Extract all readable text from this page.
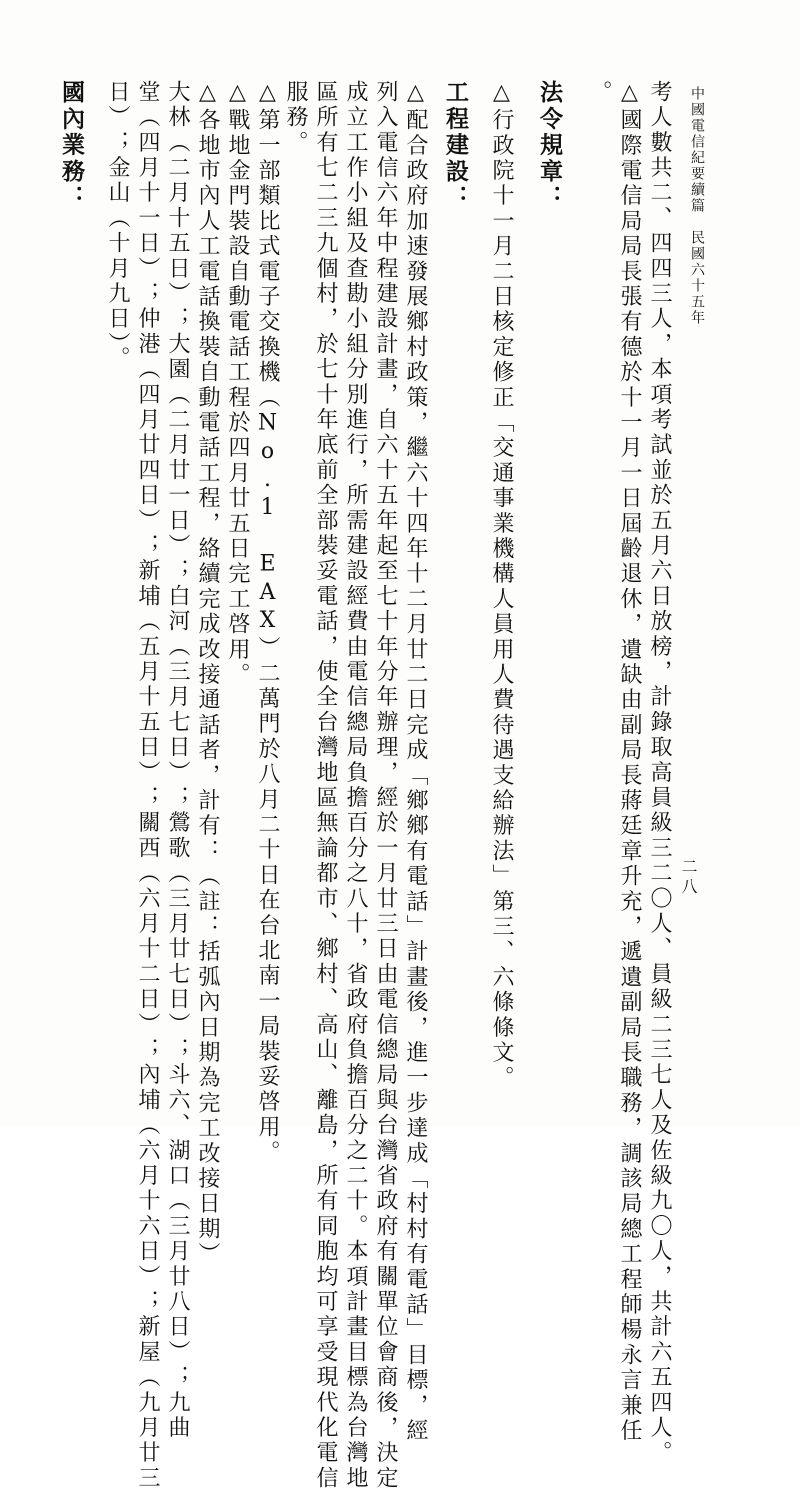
中國電信紀要續篇　民國六十五年
二八
考人數共二、四四三人，本項考試並於五月六日放榜，計錄取高員級三二〇人、員級二三七人及佐級九〇人，共計六五四人。
△國際電信局局長張有德於十一月一日屆齡退休，遺缺由副局長蔣廷章升充，遞遺副局長職務，調該局總工程師楊永言兼任
。
法令規章：
△行政院十一月二日核定修正「交通事業機構人員用人費待遇支給辦法」第三、六條條文。
工程建設：
△配合政府加速發展鄉村政策，繼六十四年十二月廿二日完成「鄉鄉有電話」計畫後，進一步達成「村村有電話」目標，經
列入電信六年中程建設計畫，自六十五年起至七十年分年辦理，經於一月廿三日由電信總局與台灣省政府有關單位會商後，決定
成立工作小組及查勘小組分別進行，所需建設經費由電信總局負擔百分之八十，省政府負擔百分之二十。本項計畫目標為台灣地
區所有七二三九個村，於七十年底前全部裝妥電話，使全台灣地區無論都市、鄉村、高山、離島，所有同胞均可享受現代化電信
服務。
△第一部類比式電子交換機（No.1 EAX）二萬門於八月二十日在台北南一局裝妥啓用。
△戰地金門裝設自動電話工程於四月廿五日完工啓用。
△各地市內人工電話換裝自動電話工程，絡續完成改接通話者，計有：（註：括弧內日期為完工改接日期）
大林（二月十五日）；大園（二月廿一日）；白河（三月七日）；鶯歌（三月廿七日）；斗六、湖口（三月廿八日）；九曲
堂（四月十一日）；仲港（四月廿四日）；新埔（五月十五日）；關西（六月十二日）；內埔（六月十六日）；新屋（九月廿三
日）；金山（十月九日）。
國內業務：
